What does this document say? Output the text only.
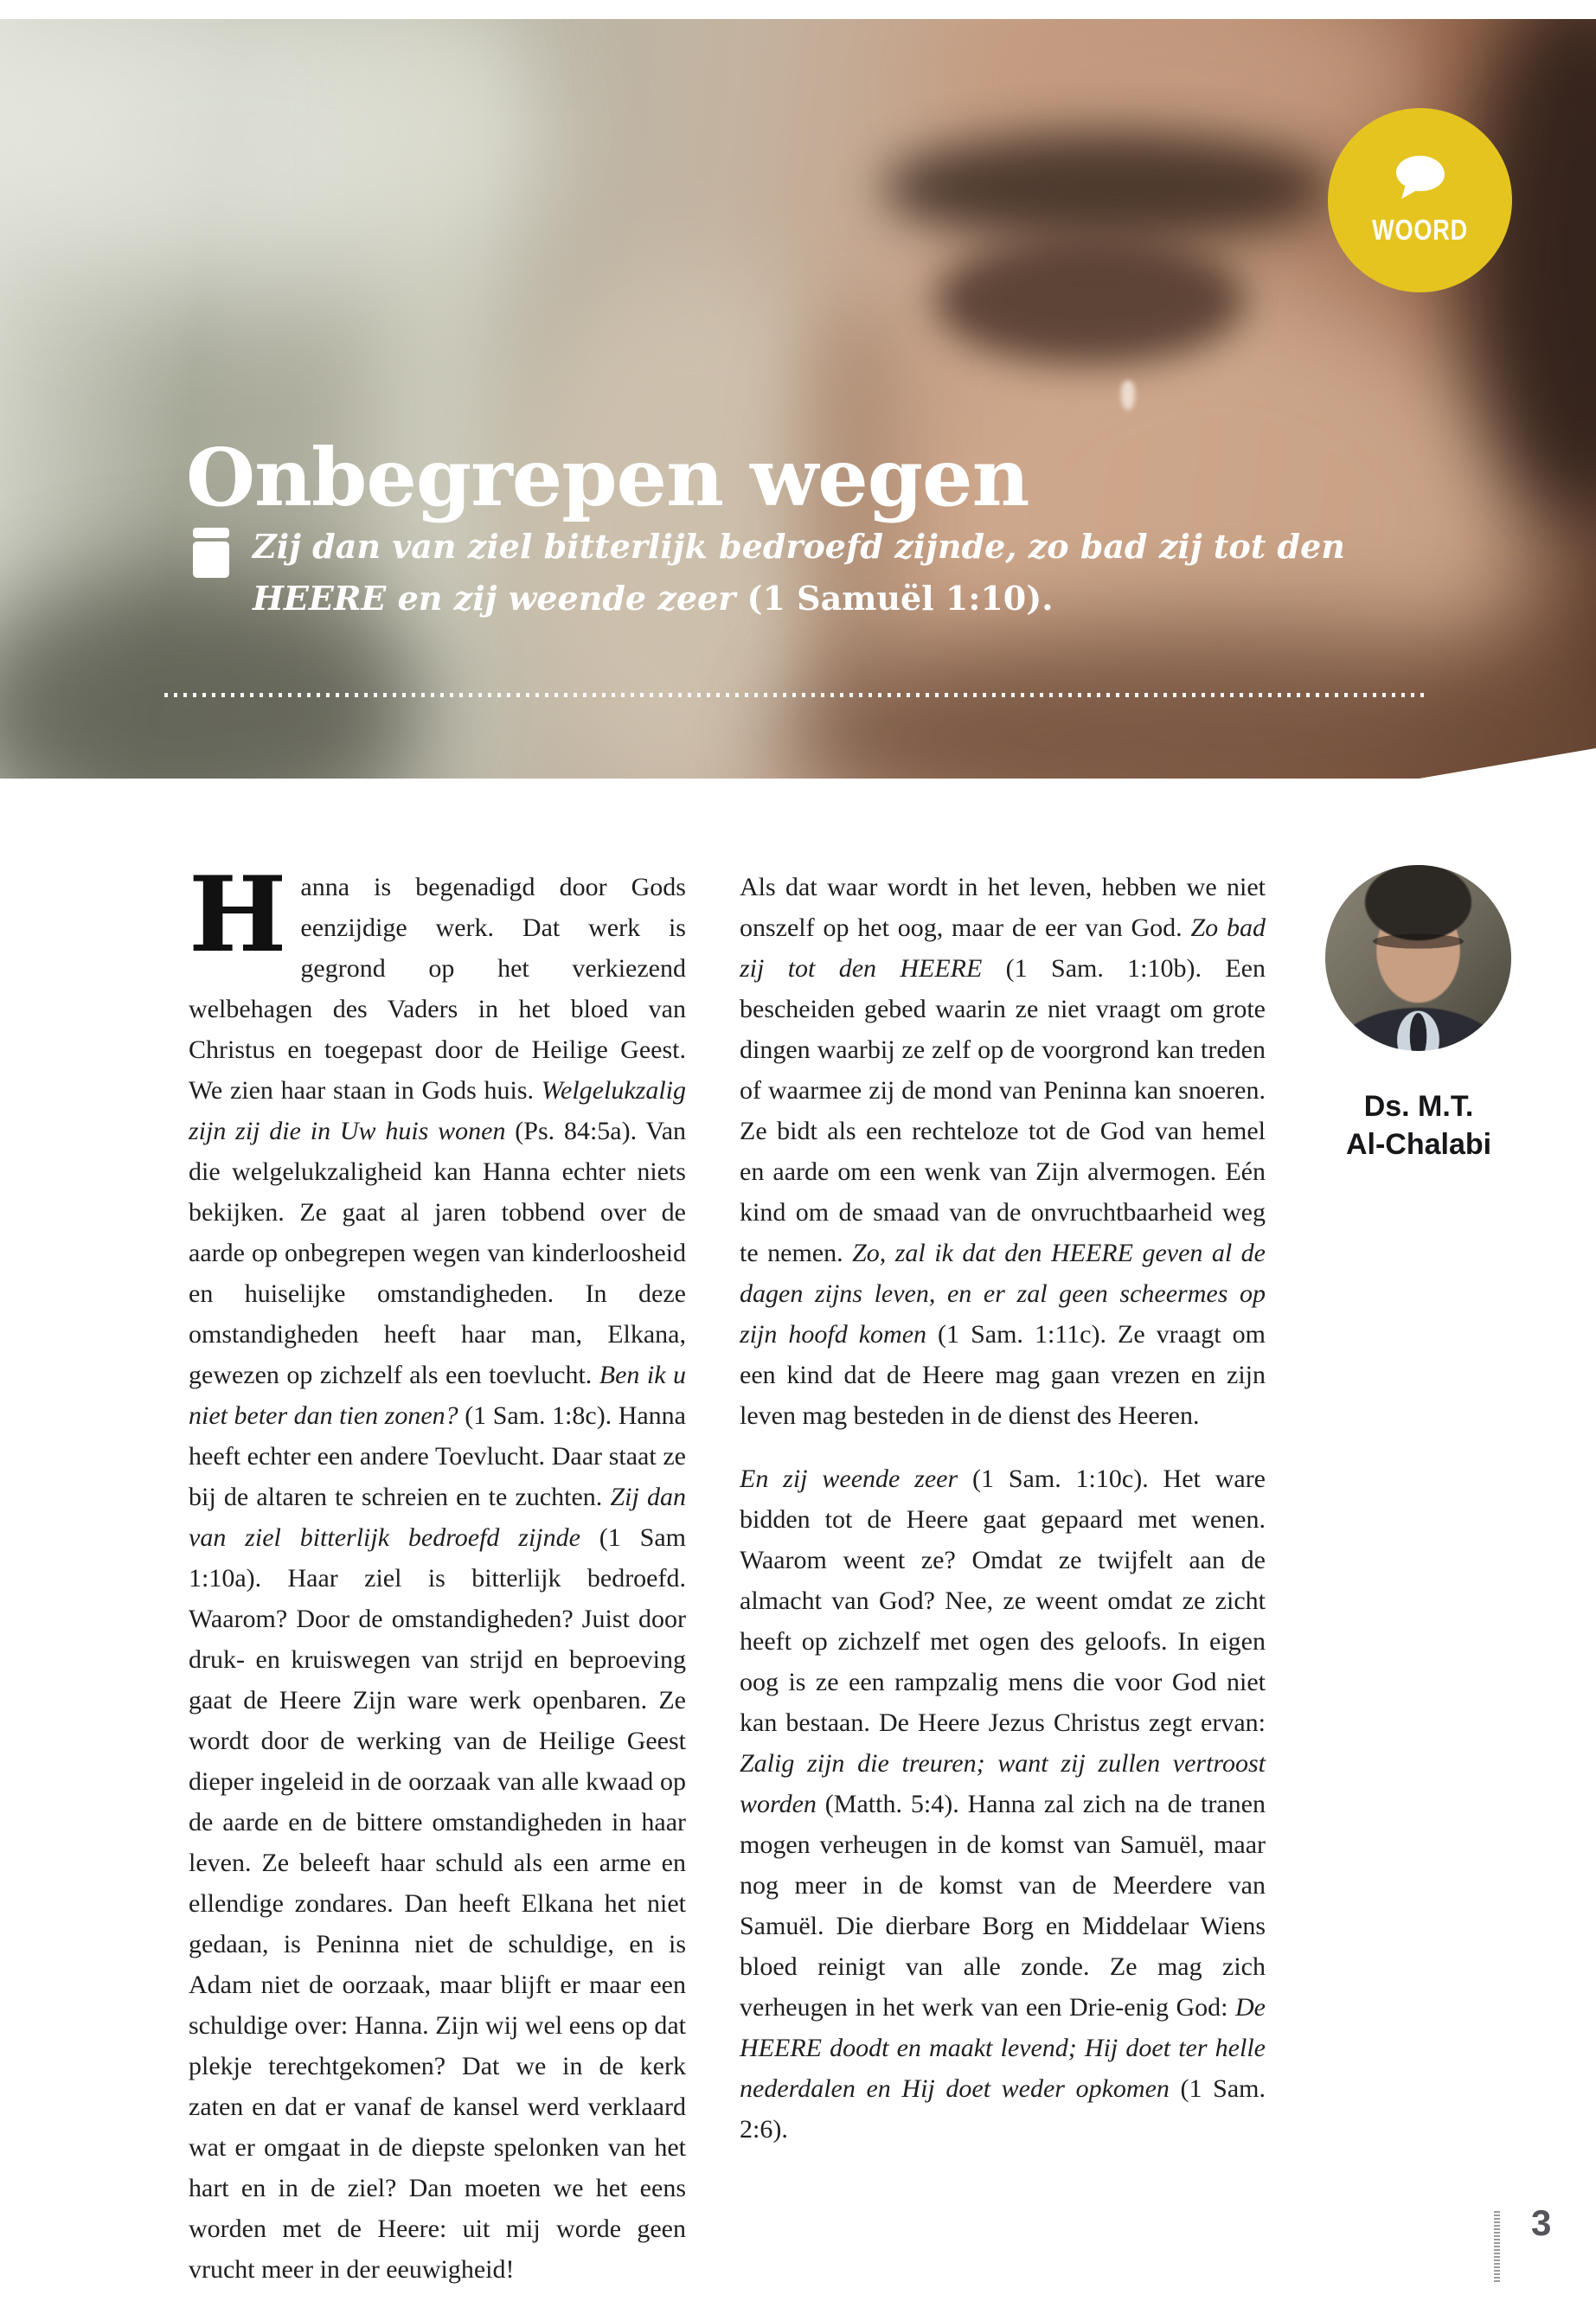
WOORD
Onbegrepen wegen
Zij dan van ziel bitterlijk bedroefd zijnde, zo bad zij tot den HEERE en zij weende zeer (1 Samuël 1:10).

Hanna is begenadigd door Gods eenzijdige werk. Dat werk is gegrond op het verkiezend welbehagen des Vaders in het bloed van Christus en toegepast door de Heilige Geest. We zien haar staan in Gods huis. Welgelukzalig zijn zij die in Uw huis wonen (Ps. 84:5a). Van die welgelukzaligheid kan Hanna echter niets bekijken. Ze gaat al jaren tobbend over de aarde op onbegrepen wegen van kinderloosheid en huiselijke omstandigheden. In deze omstandigheden heeft haar man, Elkana, gewezen op zichzelf als een toevlucht. Ben ik u niet beter dan tien zonen? (1 Sam. 1:8c). Hanna heeft echter een andere Toevlucht. Daar staat ze bij de altaren te schreien en te zuchten. Zij dan van ziel bitterlijk bedroefd zijnde (1 Sam 1:10a). Haar ziel is bitterlijk bedroefd. Waarom? Door de omstandigheden? Juist door druk- en kruiswegen van strijd en beproeving gaat de Heere Zijn ware werk openbaren. Ze wordt door de werking van de Heilige Geest dieper ingeleid in de oorzaak van alle kwaad op de aarde en de bittere omstandigheden in haar leven. Ze beleeft haar schuld als een arme en ellendige zondares. Dan heeft Elkana het niet gedaan, is Peninna niet de schuldige, en is Adam niet de oorzaak, maar blijft er maar een schuldige over: Hanna. Zijn wij wel eens op dat plekje terechtgekomen? Dat we in de kerk zaten en dat er vanaf de kansel werd verklaard wat er omgaat in de diepste spelonken van het hart en in de ziel? Dan moeten we het eens worden met de Heere: uit mij worde geen vrucht meer in der eeuwigheid!

Als dat waar wordt in het leven, hebben we niet onszelf op het oog, maar de eer van God. Zo bad zij tot den HEERE (1 Sam. 1:10b). Een bescheiden gebed waarin ze niet vraagt om grote dingen waarbij ze zelf op de voorgrond kan treden of waarmee zij de mond van Peninna kan snoeren. Ze bidt als een rechteloze tot de God van hemel en aarde om een wenk van Zijn alvermogen. Eén kind om de smaad van de onvruchtbaarheid weg te nemen. Zo, zal ik dat den HEERE geven al de dagen zijns leven, en er zal geen scheermes op zijn hoofd komen (1 Sam. 1:11c). Ze vraagt om een kind dat de Heere mag gaan vrezen en zijn leven mag besteden in de dienst des Heeren.

En zij weende zeer (1 Sam. 1:10c). Het ware bidden tot de Heere gaat gepaard met wenen. Waarom weent ze? Omdat ze twijfelt aan de almacht van God? Nee, ze weent omdat ze zicht heeft op zichzelf met ogen des geloofs. In eigen oog is ze een rampzalig mens die voor God niet kan bestaan. De Heere Jezus Christus zegt ervan: Zalig zijn die treuren; want zij zullen vertroost worden (Matth. 5:4). Hanna zal zich na de tranen mogen verheugen in de komst van Samuël, maar nog meer in de komst van de Meerdere van Samuël. Die dierbare Borg en Middelaar Wiens bloed reinigt van alle zonde. Ze mag zich verheugen in het werk van een Drie-enig God: De HEERE doodt en maakt levend; Hij doet ter helle nederdalen en Hij doet weder opkomen (1 Sam. 2:6).

Ds. M.T.
Al-Chalabi
3
